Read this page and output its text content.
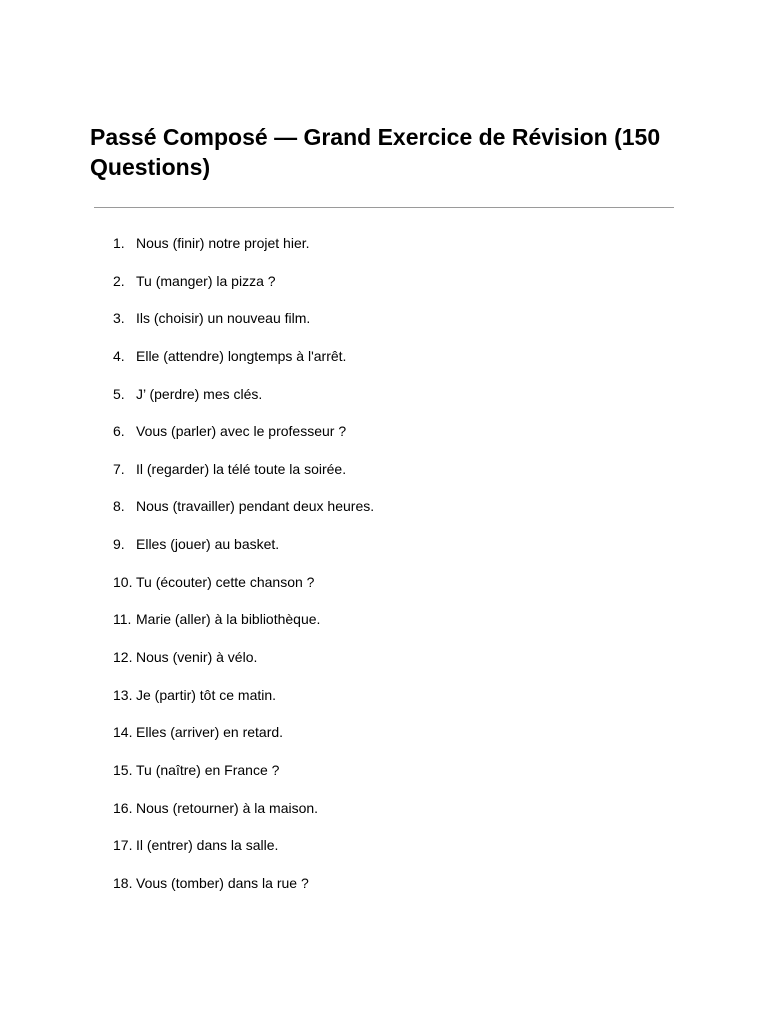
Passé Composé — Grand Exercice de Révision (150 Questions)
1. Nous (finir) notre projet hier.
2. Tu (manger) la pizza ?
3. Ils (choisir) un nouveau film.
4. Elle (attendre) longtemps à l'arrêt.
5. J’ (perdre) mes clés.
6. Vous (parler) avec le professeur ?
7. Il (regarder) la télé toute la soirée.
8. Nous (travailler) pendant deux heures.
9. Elles (jouer) au basket.
10. Tu (écouter) cette chanson ?
11. Marie (aller) à la bibliothèque.
12. Nous (venir) à vélo.
13. Je (partir) tôt ce matin.
14. Elles (arriver) en retard.
15. Tu (naître) en France ?
16. Nous (retourner) à la maison.
17. Il (entrer) dans la salle.
18. Vous (tomber) dans la rue ?
